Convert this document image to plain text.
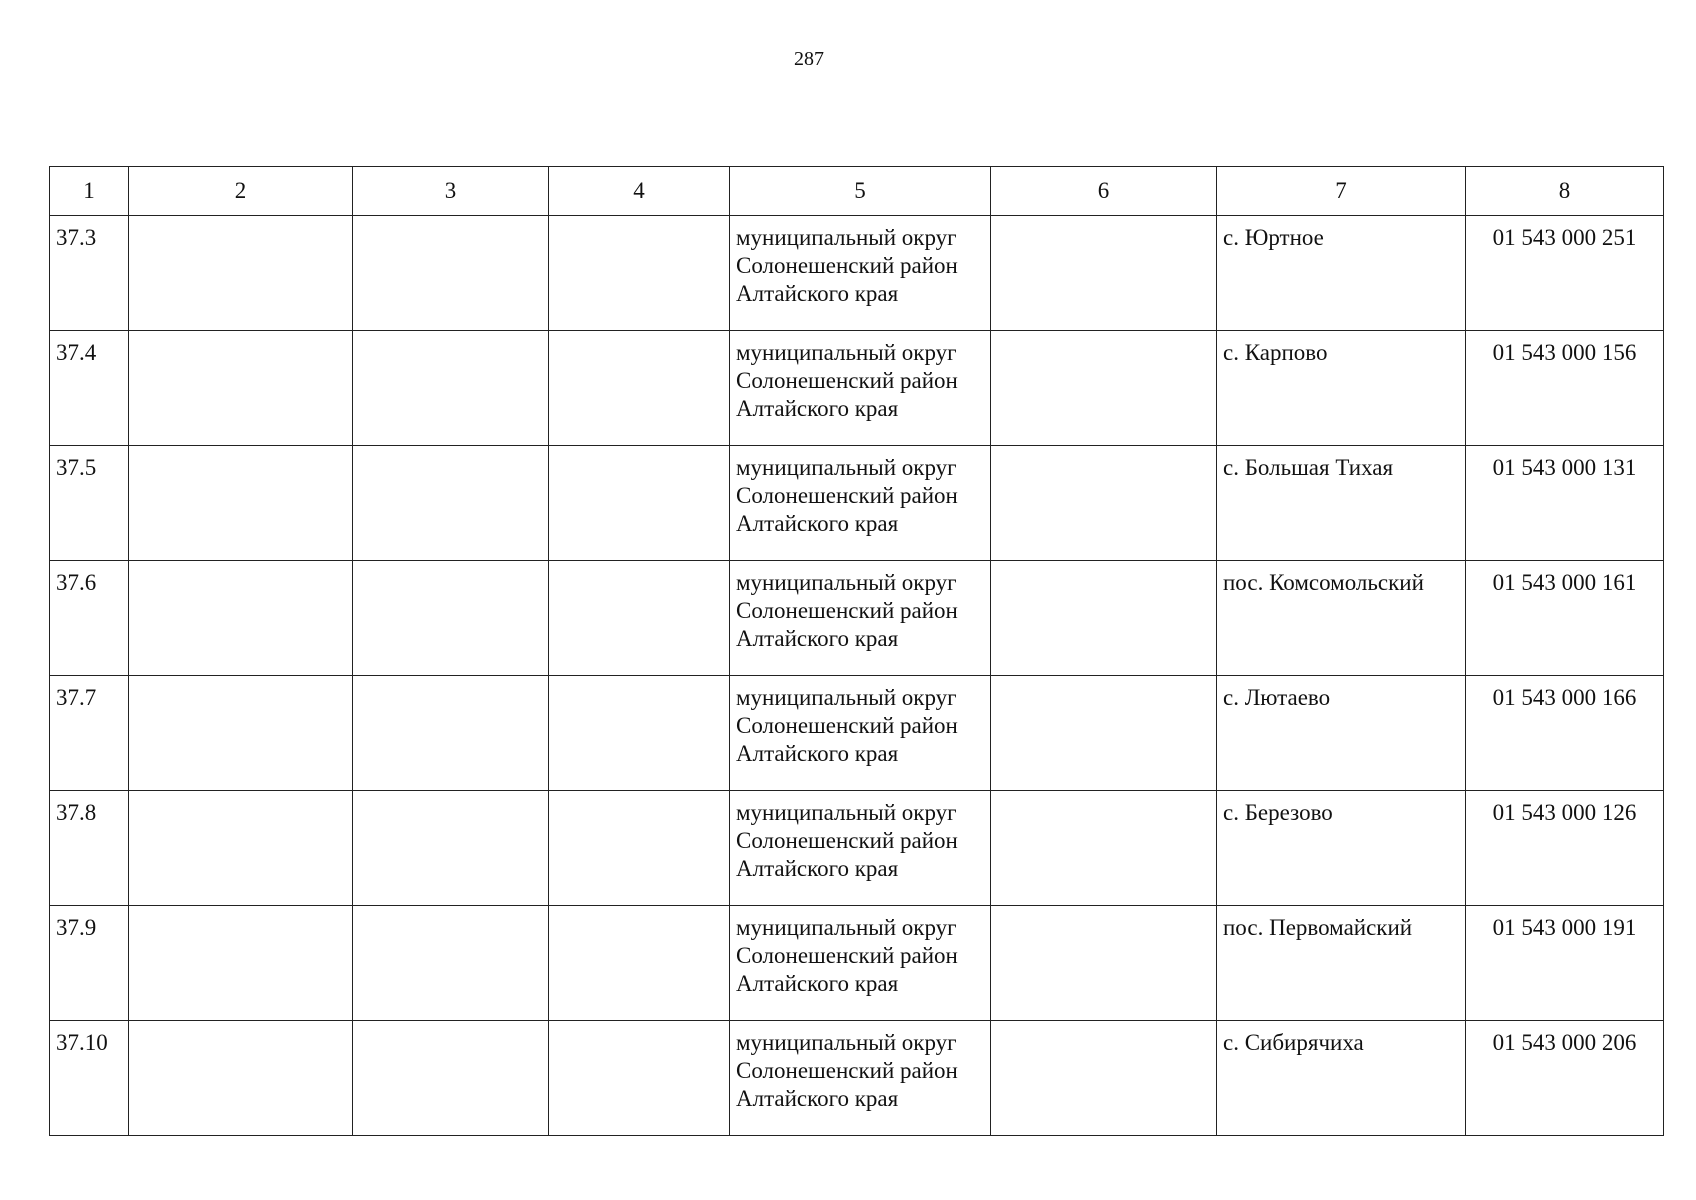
287
1	2	3	4	5	6	7	8
37.3				муниципальный округ
Солонешенский район
Алтайского края		с. Юртное	01 543 000 251
37.4				муниципальный округ
Солонешенский район
Алтайского края		с. Карпово	01 543 000 156
37.5				муниципальный округ
Солонешенский район
Алтайского края		с. Большая Тихая	01 543 000 131
37.6				муниципальный округ
Солонешенский район
Алтайского края		пос. Комсомольский	01 543 000 161
37.7				муниципальный округ
Солонешенский район
Алтайского края		с. Лютаево	01 543 000 166
37.8				муниципальный округ
Солонешенский район
Алтайского края		с. Березово	01 543 000 126
37.9				муниципальный округ
Солонешенский район
Алтайского края		пос. Первомайский	01 543 000 191
37.10				муниципальный округ
Солонешенский район
Алтайского края		с. Сибирячиха	01 543 000 206
